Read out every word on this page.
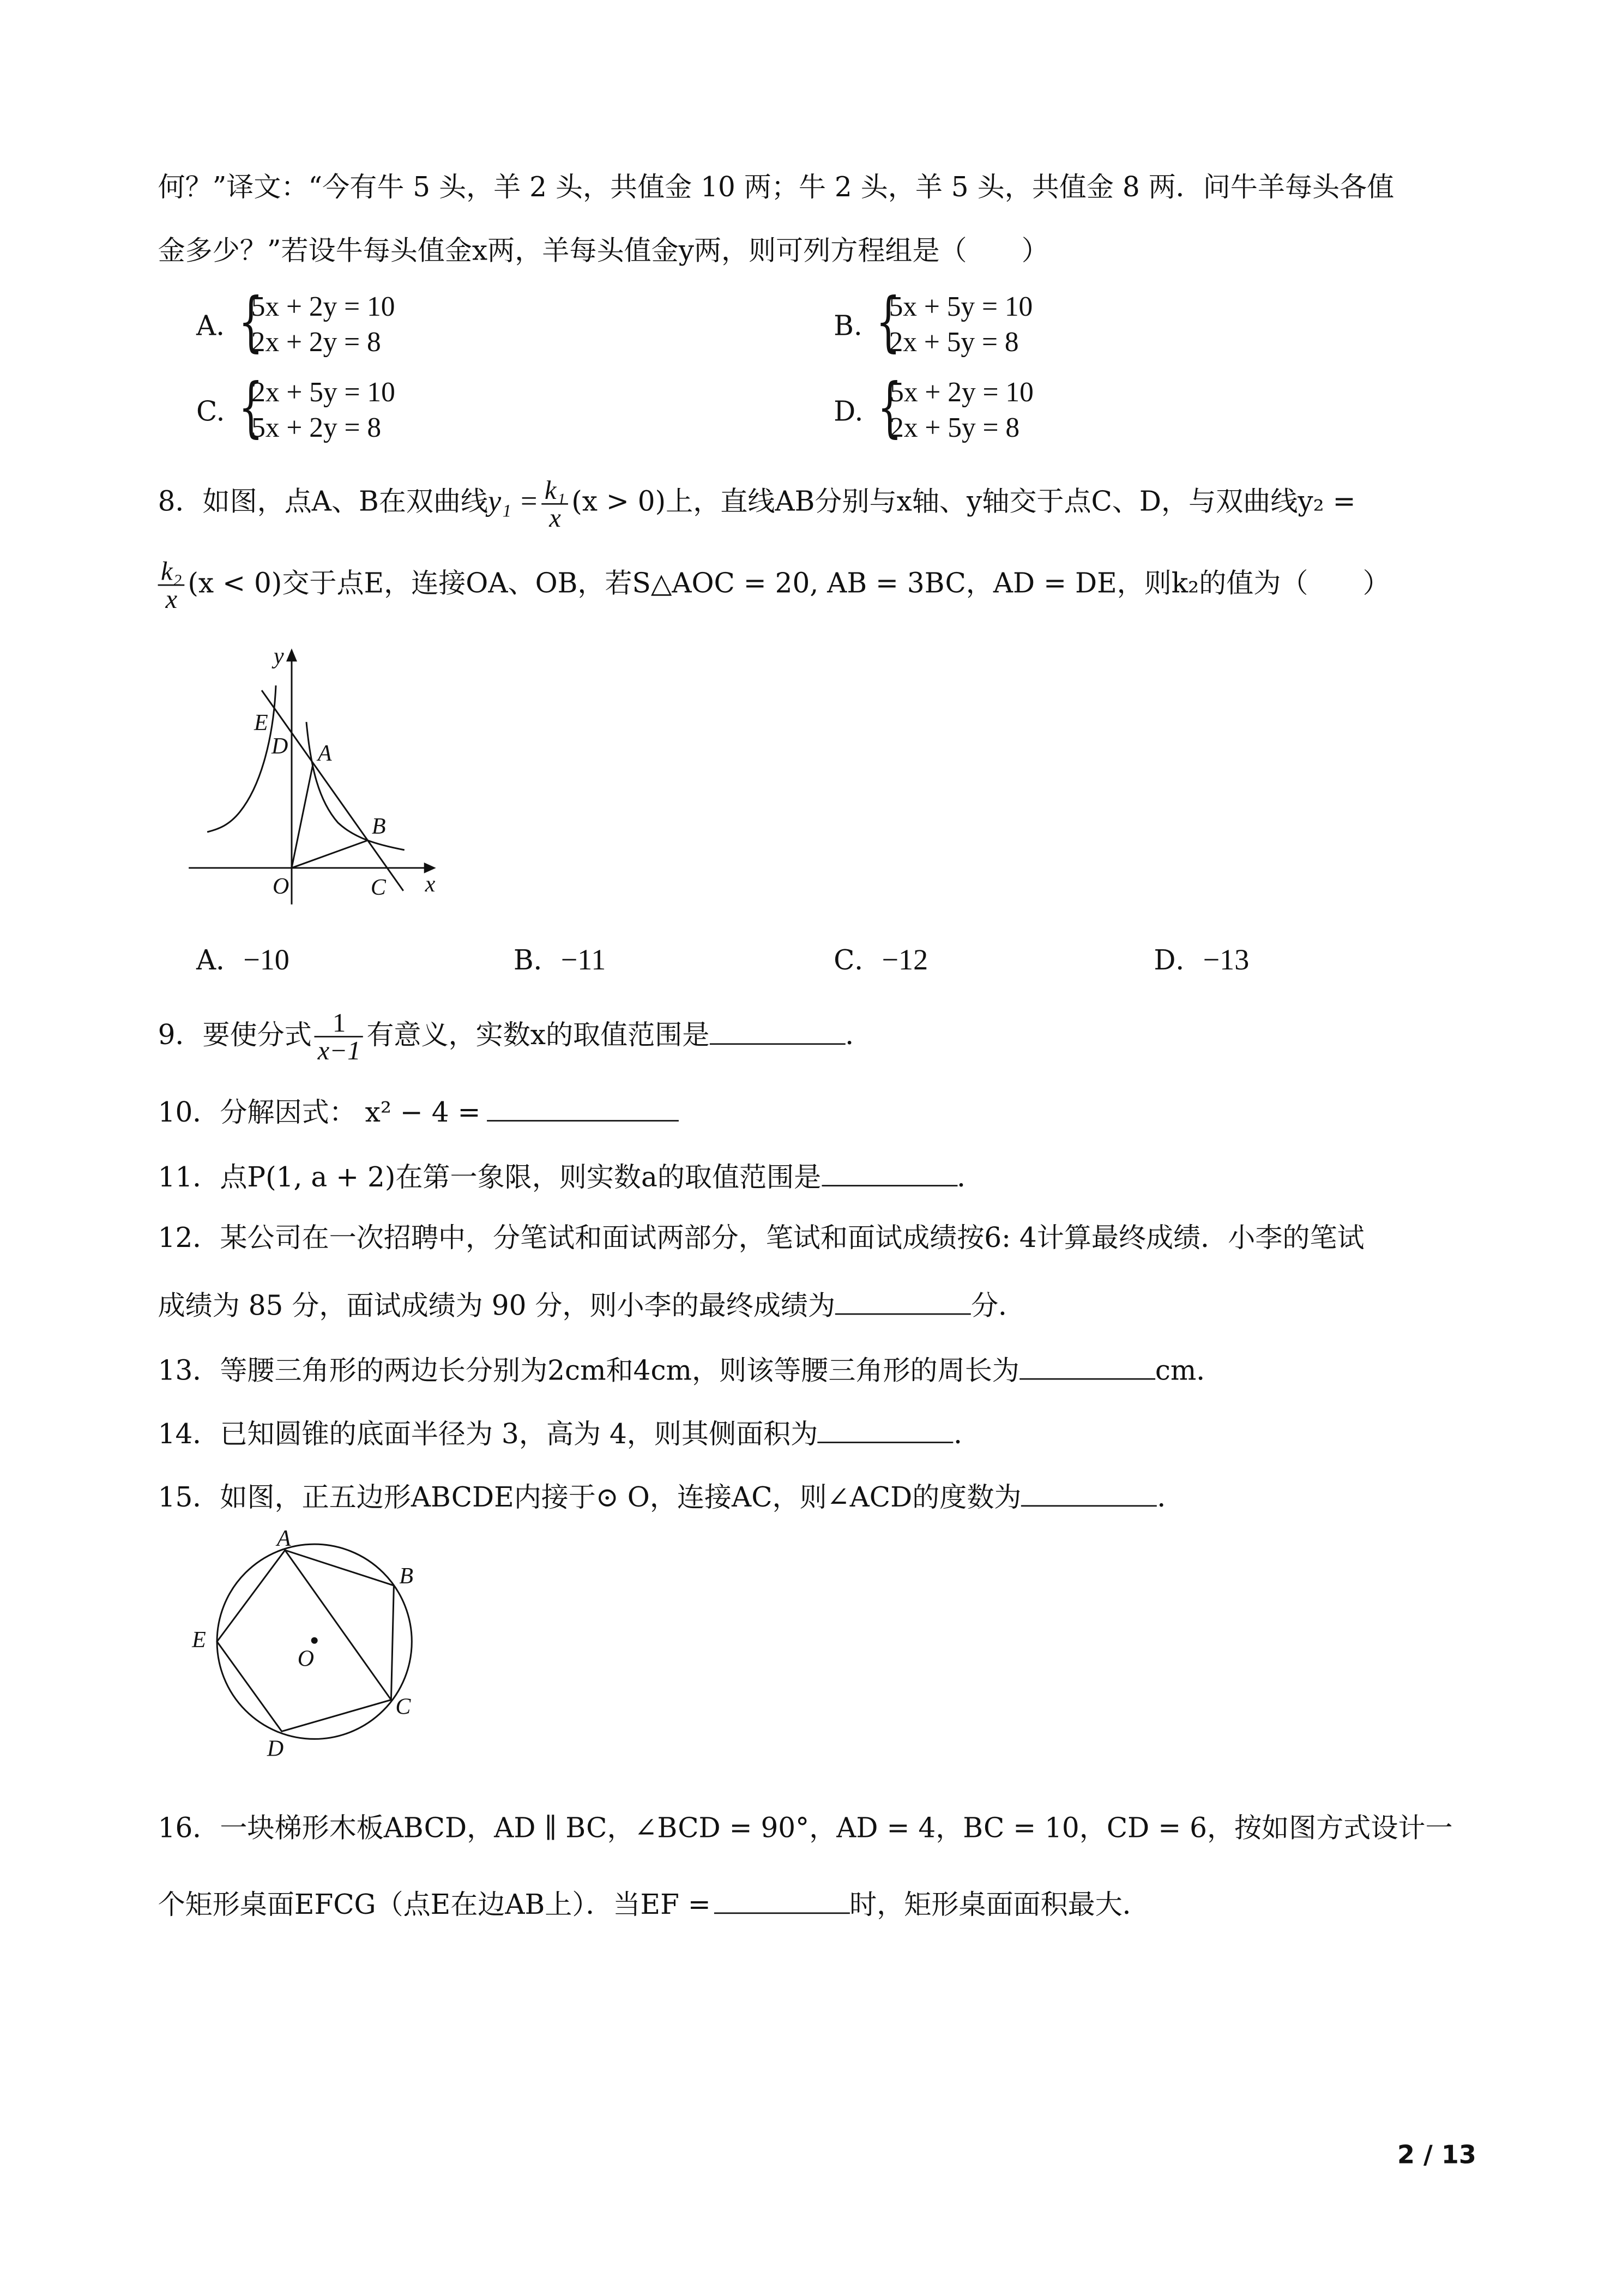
何？”译文：“今有牛 5 头，羊 2 头，共值金 10 两；牛 2 头，羊 5 头，共值金 8 两．问牛羊每头各值
金多少？”若设牛每头值金x两，羊每头值金y两，则可列方程组是（　　）
A.
{ 5x + 2y = 10
2x + 2y = 8
B.
{ 5x + 5y = 10
2x + 5y = 8
C.
{ 2x + 5y = 10
5x + 2y = 8
D.
{ 5x + 2y = 10
2x + 5y = 8
8．如图，点A、B在双曲线$y_1 = \frac{\text{k₁}}{x} (x > 0)$上，直线AB分别与x轴、y轴交于点C、D，与双曲线y₂ =
$\frac{\text{k₂}}{x} (x < 0)$交于点E，连接OA、OB，若S△AOC = 20, AB = 3BC，AD = DE，则k₂的值为（　　）
y
E
D A
B
O	C x
A．−10	B．−11	C．−12	D．−13
9．要使分式 $\frac{1}{x-1}$ 有意义，实数x的取值范围是	．
10．分解因式： x² − 4 =
11．点P(1, a + 2)在第一象限，则实数a的取值范围是	．
12．某公司在一次招聘中，分笔试和面试两部分，笔试和面试成绩按6: 4计算最终成绩．小李的笔试
成绩为 85 分，面试成绩为 90 分，则小李的最终成绩为	分．
13．等腰三角形的两边长分别为2cm和4cm，则该等腰三角形的周长为	cm．
14．已知圆锥的底面半径为 3，高为 4，则其侧面积为	．
15．如图，正五边形ABCDE内接于⊙ O，连接AC，则∠ACD的度数为	．
A
B
C
D
E
O
16．一块梯形木板ABCD，AD ∥ BC，∠BCD = 90°，AD = 4，BC = 10，CD = 6，按如图方式设计一
个矩形桌面EFCG（点E在边AB上）．当EF =	时，矩形桌面面积最大．
2 / 13
